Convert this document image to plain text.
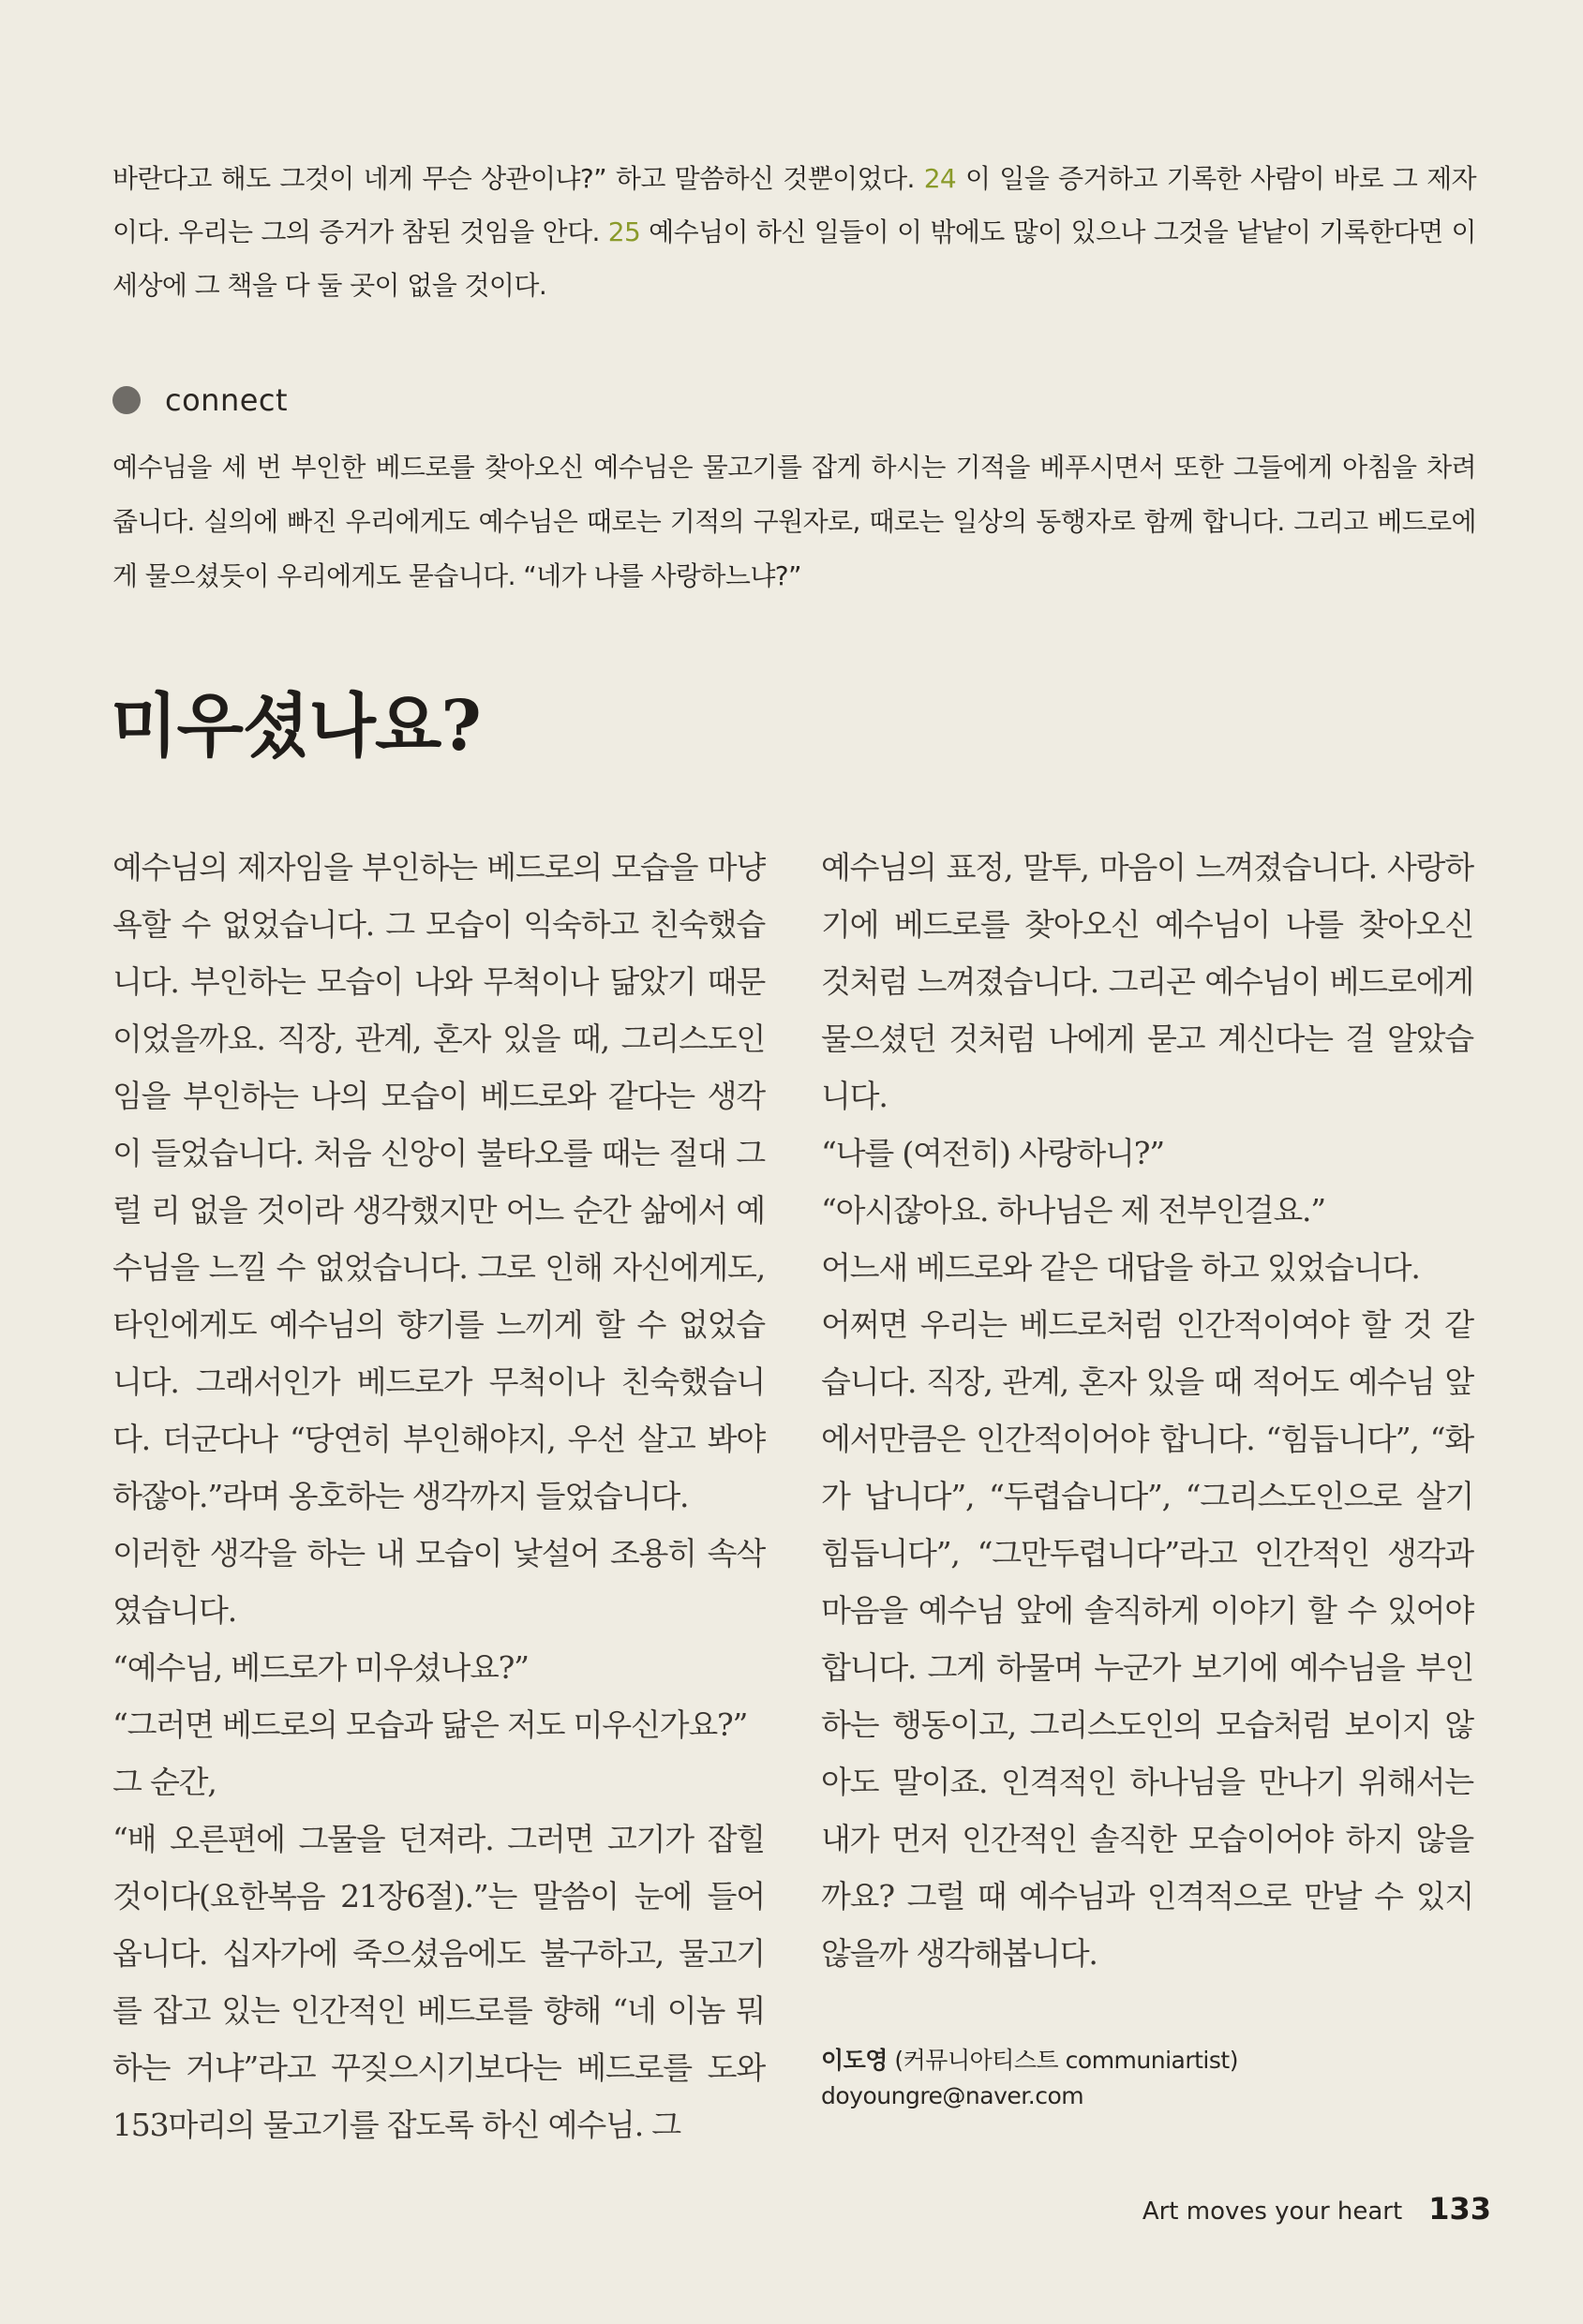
바란다고 해도 그것이 네게 무슨 상관이냐?” 하고 말씀하신 것뿐이었다. 24 이 일을 증거하고 기록한 사람이 바로 그 제자이다. 우리는 그의 증거가 참된 것임을 안다. 25 예수님이 하신 일들이 이 밖에도 많이 있으나 그것을 낱낱이 기록한다면 이 세상에 그 책을 다 둘 곳이 없을 것이다.
connect
예수님을 세 번 부인한 베드로를 찾아오신 예수님은 물고기를 잡게 하시는 기적을 베푸시면서 또한 그들에게 아침을 차려 줍니다. 실의에 빠진 우리에게도 예수님은 때로는 기적의 구원자로, 때로는 일상의 동행자로 함께 합니다. 그리고 베드로에게 물으셨듯이 우리에게도 묻습니다. “네가 나를 사랑하느냐?”
미우셨나요?

예수님의 제자임을 부인하는 베드로의 모습을 마냥 욕할 수 없었습니다. 그 모습이 익숙하고 친숙했습니다. 부인하는 모습이 나와 무척이나 닮았기 때문이었을까요. 직장, 관계, 혼자 있을 때, 그리스도인임을 부인하는 나의 모습이 베드로와 같다는 생각이 들었습니다. 처음 신앙이 불타오를 때는 절대 그럴 리 없을 것이라 생각했지만 어느 순간 삶에서 예수님을 느낄 수 없었습니다. 그로 인해 자신에게도, 타인에게도 예수님의 향기를 느끼게 할 수 없었습니다. 그래서인가 베드로가 무척이나 친숙했습니다. 더군다나 “당연히 부인해야지, 우선 살고 봐야 하잖아.”라며 옹호하는 생각까지 들었습니다.

이러한 생각을 하는 내 모습이 낯설어 조용히 속삭였습니다.

“예수님, 베드로가 미우셨나요?”

“그러면 베드로의 모습과 닮은 저도 미우신가요?”

그 순간,

“배 오른편에 그물을 던져라. 그러면 고기가 잡힐 것이다(요한복음 21장6절).”는 말씀이 눈에 들어옵니다. 십자가에 죽으셨음에도 불구하고, 물고기를 잡고 있는 인간적인 베드로를 향해 “네 이놈 뭐 하는 거냐”라고 꾸짖으시기보다는 베드로를 도와 153마리의 물고기를 잡도록 하신 예수님. 그

예수님의 표정, 말투, 마음이 느껴졌습니다. 사랑하기에 베드로를 찾아오신 예수님이 나를 찾아오신 것처럼 느껴졌습니다. 그리곤 예수님이 베드로에게 물으셨던 것처럼 나에게 묻고 계신다는 걸 알았습니다.

“나를 (여전히) 사랑하니?”

“아시잖아요. 하나님은 제 전부인걸요.”

어느새 베드로와 같은 대답을 하고 있었습니다.

어쩌면 우리는 베드로처럼 인간적이여야 할 것 같습니다. 직장, 관계, 혼자 있을 때 적어도 예수님 앞에서만큼은 인간적이어야 합니다. “힘듭니다”, “화가 납니다”, “두렵습니다”, “그리스도인으로 살기 힘듭니다”, “그만두렵니다”라고 인간적인 생각과 마음을 예수님 앞에 솔직하게 이야기 할 수 있어야 합니다. 그게 하물며 누군가 보기에 예수님을 부인하는 행동이고, 그리스도인의 모습처럼 보이지 않아도 말이죠. 인격적인 하나님을 만나기 위해서는 내가 먼저 인간적인 솔직한 모습이어야 하지 않을까요? 그럴 때 예수님과 인격적으로 만날 수 있지 않을까 생각해봅니다.

이도영 (커뮤니아티스트 communiartist)
doyoungre@naver.com
Art moves your heart 133
